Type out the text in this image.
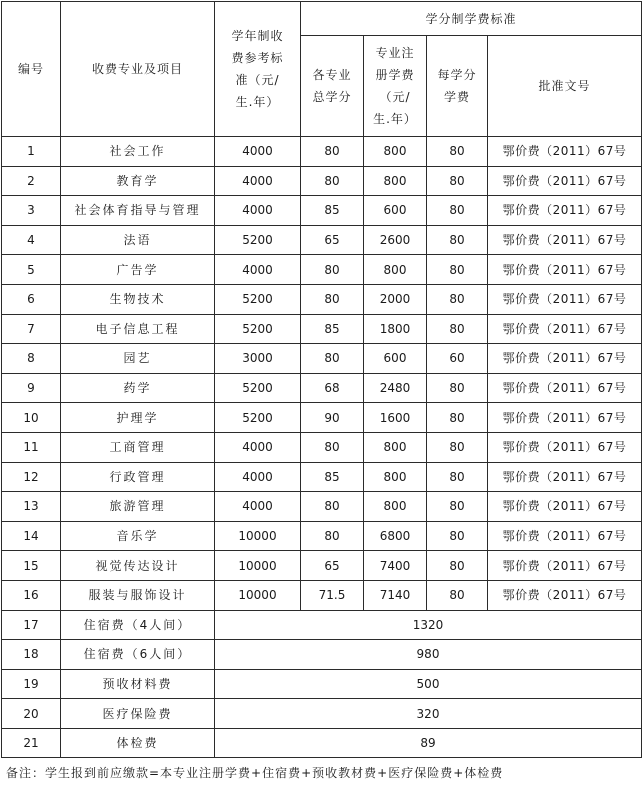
编号	收费专业及项目	学年制收费参考标准（元/生.年）	学分制学费标准			
			各专业总学分	专业注册学费（元/生.年）	每学分学费	批准文号
1	社会工作	4000	80	800	80	鄂价费（2011）67号
2	教育学	4000	80	800	80	鄂价费（2011）67号
3	社会体育指导与管理	4000	85	600	80	鄂价费（2011）67号
4	法语	5200	65	2600	80	鄂价费（2011）67号
5	广告学	4000	80	800	80	鄂价费（2011）67号
6	生物技术	5200	80	2000	80	鄂价费（2011）67号
7	电子信息工程	5200	85	1800	80	鄂价费（2011）67号
8	园艺	3000	80	600	60	鄂价费（2011）67号
9	药学	5200	68	2480	80	鄂价费（2011）67号
10	护理学	5200	90	1600	80	鄂价费（2011）67号
11	工商管理	4000	80	800	80	鄂价费（2011）67号
12	行政管理	4000	85	800	80	鄂价费（2011）67号
13	旅游管理	4000	80	800	80	鄂价费（2011）67号
14	音乐学	10000	80	6800	80	鄂价费（2011）67号
15	视觉传达设计	10000	65	7400	80	鄂价费（2011）67号
16	服装与服饰设计	10000	71.5	7140	80	鄂价费（2011）67号
17	住宿费（4人间）	1320				
18	住宿费（6人间）	980				
19	预收材料费	500				
20	医疗保险费	320				
21	体检费	89				
备注：学生报到前应缴款=本专业注册学费+住宿费+预收教材费+医疗保险费+体检费
